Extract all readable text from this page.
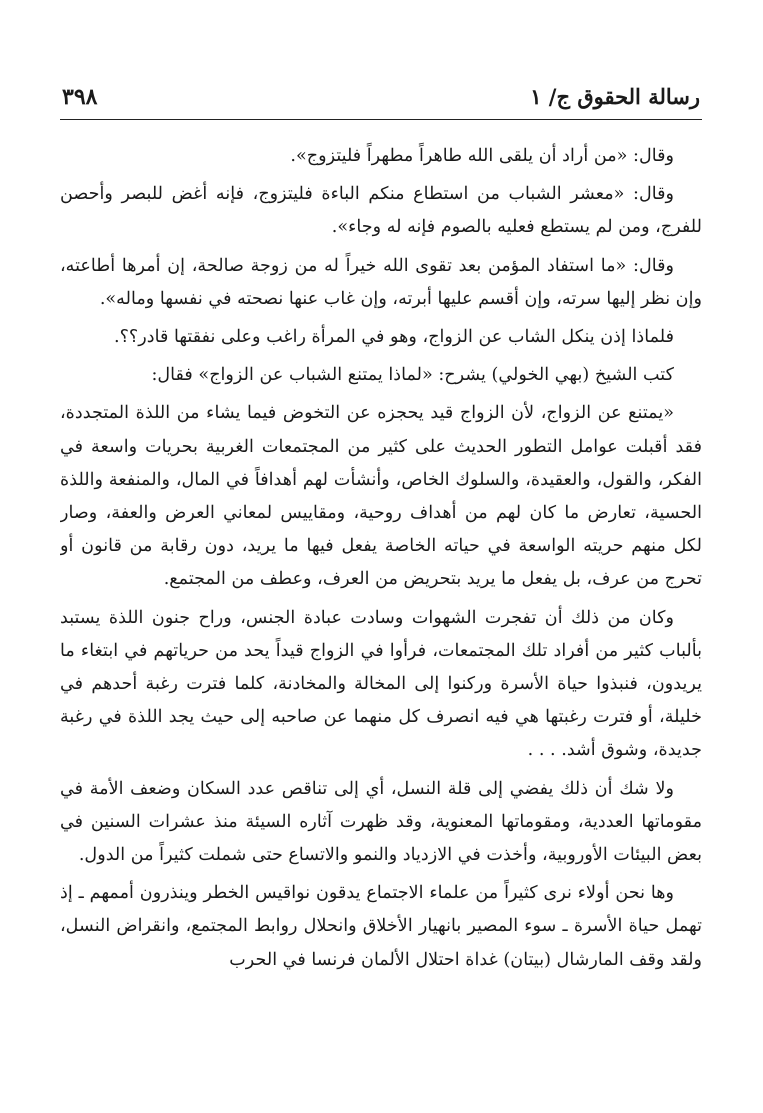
رسالة الحقوق ج/ ١
٣٩٨

وقال: «من أراد أن يلقى الله طاهراً مطهراً فليتزوج».

وقال: «معشر الشباب من استطاع منكم الباءة فليتزوج، فإنه أغض للبصر وأحصن للفرج، ومن لم يستطع فعليه بالصوم فإنه له وجاء».

وقال: «ما استفاد المؤمن بعد تقوى الله خيراً له من زوجة صالحة، إن أمرها أطاعته، وإن نظر إليها سرته، وإن أقسم عليها أبرته، وإن غاب عنها نصحته في نفسها وماله».

فلماذا إذن ينكل الشاب عن الزواج، وهو في المرأة راغب وعلى نفقتها قادر؟؟.

كتب الشيخ (بهي الخولي) يشرح: «لماذا يمتنع الشباب عن الزواج» فقال:

«يمتنع عن الزواج، لأن الزواج قيد يحجزه عن التخوض فيما يشاء من اللذة المتجددة، فقد أقبلت عوامل التطور الحديث على كثير من المجتمعات الغربية بحريات واسعة في الفكر، والقول، والعقيدة، والسلوك الخاص، وأنشأت لهم أهدافاً في المال، والمنفعة واللذة الحسية، تعارض ما كان لهم من أهداف روحية، ومقاييس لمعاني العرض والعفة، وصار لكل منهم حريته الواسعة في حياته الخاصة يفعل فيها ما يريد، دون رقابة من قانون أو تحرج من عرف، بل يفعل ما يريد بتحريض من العرف، وعطف من المجتمع.

وكان من ذلك أن تفجرت الشهوات وسادت عبادة الجنس، وراح جنون اللذة يستبد بألباب كثير من أفراد تلك المجتمعات، فرأوا في الزواج قيداً يحد من حرياتهم في ابتغاء ما يريدون، فنبذوا حياة الأسرة وركنوا إلى المخالة والمخادنة، كلما فترت رغبة أحدهم في خليلة، أو فترت رغبتها هي فيه انصرف كل منهما عن صاحبه إلى حيث يجد اللذة في رغبة جديدة، وشوق أشد. . . .

ولا شك أن ذلك يفضي إلى قلة النسل، أي إلى تناقص عدد السكان وضعف الأمة في مقوماتها العددية، ومقوماتها المعنوية، وقد ظهرت آثاره السيئة منذ عشرات السنين في بعض البيئات الأوروبية، وأخذت في الازدياد والنمو والاتساع حتى شملت كثيراً من الدول.

وها نحن أولاء نرى كثيراً من علماء الاجتماع يدقون نواقيس الخطر وينذرون أممهم ـ إذ تهمل حياة الأسرة ـ سوء المصير بانهيار الأخلاق وانحلال روابط المجتمع، وانقراض النسل، ولقد وقف المارشال (بيتان) غداة احتلال الألمان فرنسا في الحرب
